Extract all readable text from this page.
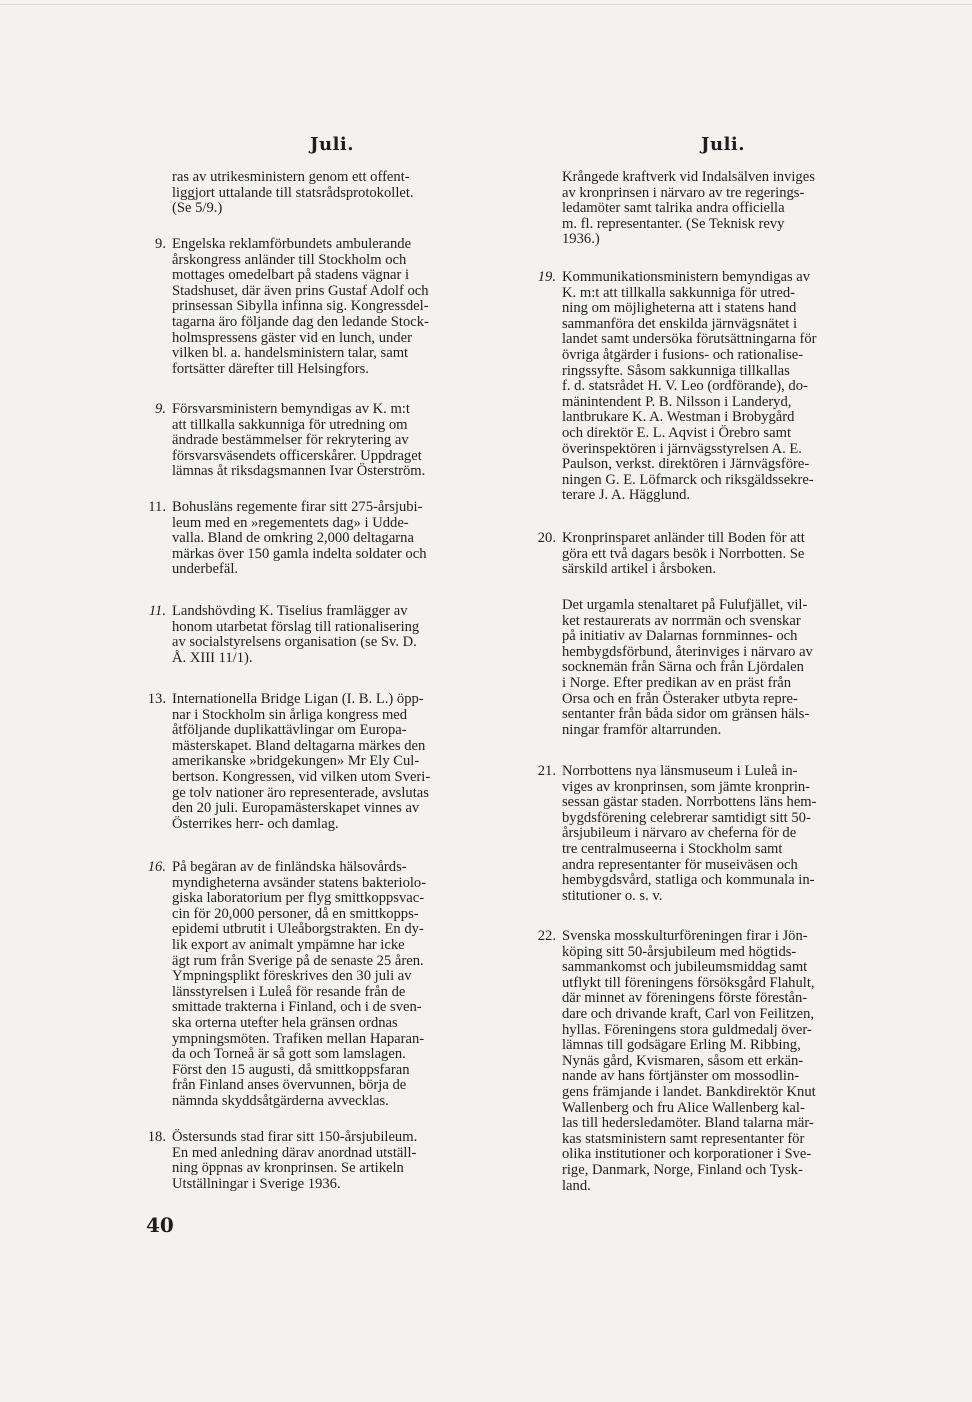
Juli.
ras av utrikesministern genom ett offent-
liggjort uttalande till statsrådsprotokollet.
(Se 5/9.)
9. Engelska reklamförbundets ambulerande
årskongress anländer till Stockholm och
mottages omedelbart på stadens vägnar i
Stadshuset, där även prins Gustaf Adolf och
prinsessan Sibylla infinna sig. Kongressdel-
tagarna äro följande dag den ledande Stock-
holmspressens gäster vid en lunch, under
vilken bl. a. handelsministern talar, samt
fortsätter därefter till Helsingfors.
9. Försvarsministern bemyndigas av K. m:t
att tillkalla sakkunniga för utredning om
ändrade bestämmelser för rekrytering av
försvarsväsendets officerskårer. Uppdraget
lämnas åt riksdagsmannen Ivar Österström.
11. Bohusläns regemente firar sitt 275-årsjubi-
leum med en »regementets dag» i Udde-
valla. Bland de omkring 2,000 deltagarna
märkas över 150 gamla indelta soldater och
underbefäl.
11. Landshövding K. Tiselius framlägger av
honom utarbetat förslag till rationalisering
av socialstyrelsens organisation (se Sv. D.
Å. XIII 11/1).
13. Internationella Bridge Ligan (I. B. L.) öpp-
nar i Stockholm sin årliga kongress med
åtföljande duplikattävlingar om Europa-
mästerskapet. Bland deltagarna märkes den
amerikanske »bridgekungen» Mr Ely Cul-
bertson. Kongressen, vid vilken utom Sveri-
ge tolv nationer äro representerade, avslutas
den 20 juli. Europamästerskapet vinnes av
Österrikes herr- och damlag.
16. På begäran av de finländska hälsovårds-
myndigheterna avsänder statens bakteriolo-
giska laboratorium per flyg smittkoppsvac-
cin för 20,000 personer, då en smittkopps-
epidemi utbrutit i Uleåborgstrakten. En dy-
lik export av animalt ympämne har icke
ägt rum från Sverige på de senaste 25 åren.
Ympningsplikt föreskrives den 30 juli av
länsstyrelsen i Luleå för resande från de
smittade trakterna i Finland, och i de sven-
ska orterna utefter hela gränsen ordnas
ympningsmöten. Trafiken mellan Haparan-
da och Torneå är så gott som lamslagen.
Först den 15 augusti, då smittkoppsfaran
från Finland anses övervunnen, börja de
nämnda skyddsåtgärderna avvecklas.
18. Östersunds stad firar sitt 150-årsjubileum.
En med anledning därav anordnad utställ-
ning öppnas av kronprinsen. Se artikeln
Utställningar i Sverige 1936.
Juli.
Krångede kraftverk vid Indalsälven inviges
av kronprinsen i närvaro av tre regerings-
ledamöter samt talrika andra officiella
m. fl. representanter. (Se Teknisk revy
1936.)
19. Kommunikationsministern bemyndigas av
K. m:t att tillkalla sakkunniga för utred-
ning om möjligheterna att i statens hand
sammanföra det enskilda järnvägsnätet i
landet samt undersöka förutsättningarna för
övriga åtgärder i fusions- och rationalise-
ringssyfte. Såsom sakkunniga tillkallas
f. d. statsrådet H. V. Leo (ordförande), do-
mänintendent P. B. Nilsson i Landeryd,
lantbrukare K. A. Westman i Brobygård
och direktör E. L. Aqvist i Örebro samt
överinspektören i järnvägsstyrelsen A. E.
Paulson, verkst. direktören i Järnvägsföre-
ningen G. E. Löfmarck och riksgäldssekre-
terare J. A. Hägglund.
20. Kronprinsparet anländer till Boden för att
göra ett två dagars besök i Norrbotten. Se
särskild artikel i årsboken.
Det urgamla stenaltaret på Fulufjället, vil-
ket restaurerats av norrmän och svenskar
på initiativ av Dalarnas fornminnes- och
hembygdsförbund, återinviges i närvaro av
socknemän från Särna och från Ljördalen
i Norge. Efter predikan av en präst från
Orsa och en från Österaker utbyta repre-
sentanter från båda sidor om gränsen häls-
ningar framför altarrunden.
21. Norrbottens nya länsmuseum i Luleå in-
viges av kronprinsen, som jämte kronprin-
sessan gästar staden. Norrbottens läns hem-
bygdsförening celebrerar samtidigt sitt 50-
årsjubileum i närvaro av cheferna för de
tre centralmuseerna i Stockholm samt
andra representanter för museiväsen och
hembygdsvård, statliga och kommunala in-
stitutioner o. s. v.
22. Svenska mosskulturföreningen firar i Jön-
köping sitt 50-årsjubileum med högtids-
sammankomst och jubileumsmiddag samt
utflykt till föreningens försöksgård Flahult,
där minnet av föreningens förste förestån-
dare och drivande kraft, Carl von Feilitzen,
hyllas. Föreningens stora guldmedalj över-
lämnas till godsägare Erling M. Ribbing,
Nynäs gård, Kvismaren, såsom ett erkän-
nande av hans förtjänster om mossodlin-
gens främjande i landet. Bankdirektör Knut
Wallenberg och fru Alice Wallenberg kal-
las till hedersledamöter. Bland talarna mär-
kas statsministern samt representanter för
olika institutioner och korporationer i Sve-
rige, Danmark, Norge, Finland och Tysk-
land.
40
